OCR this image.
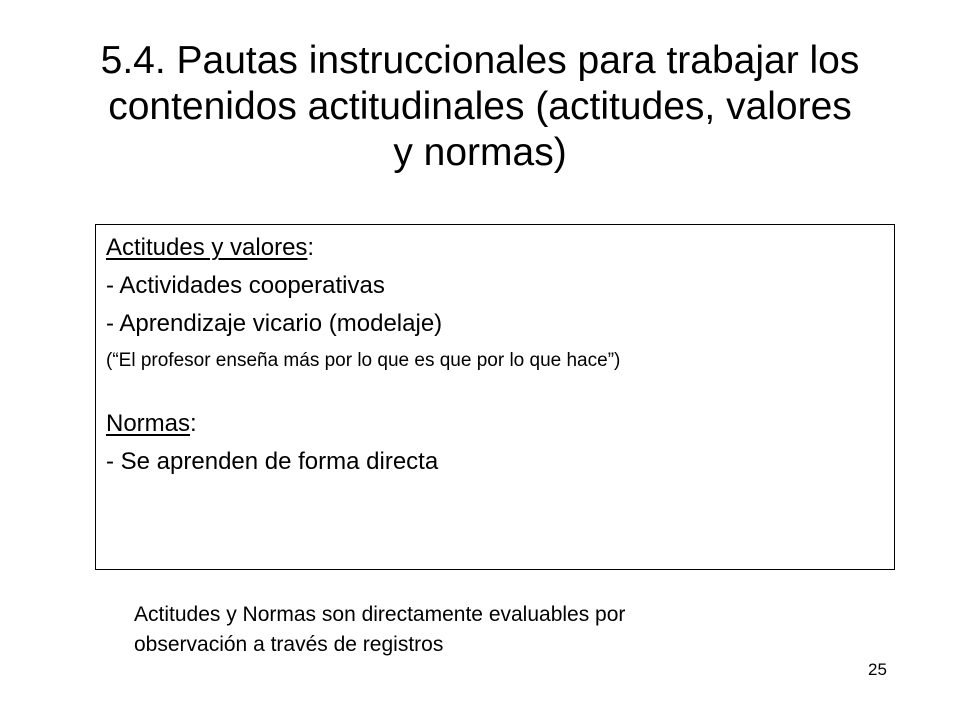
5.4. Pautas instruccionales para trabajar los
contenidos actitudinales (actitudes, valores
y normas)
Actitudes y valores:
- Actividades cooperativas
- Aprendizaje vicario (modelaje)
(“El profesor enseña más por lo que es que por lo que hace”)
Normas:
- Se aprenden de forma directa
Actitudes y Normas son directamente evaluables por
observación a través de registros
25
